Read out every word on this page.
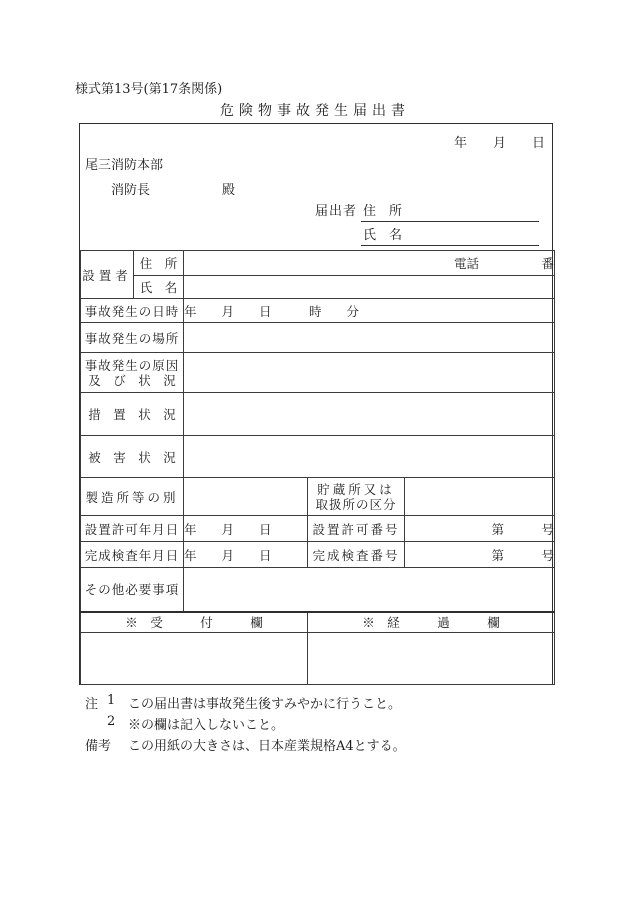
様式第13号(第17条関係)
危険物事故発生届出書
年　　月　　日
尾三消防本部
消防長	殿
届出者 住　所
氏　名
設置者	住　所	電話　　　　　番		
	氏　名			
事故発生の日時		年　　月　　日　　　時　　分		
事故発生の場所				

事故発生の原因
及　び　状　況				

措　置　状　況				
被　害　状　況				
製造所等の別			貯蔵所又は
取扱所の区分	

設置許可年月日		年　　月　　日	設置許可番号	第　　　号
完成検査年月日		年　　月　　日	完成検査番号	第　　　号
その他必要事項				
※　受　　　付　　　欄			※　経　　　過　　　欄	

注 1 この届出書は事故発生後すみやかに行うこと。
2 ※の欄は記入しないこと。
備考 この用紙の大きさは、日本産業規格A4とする。
